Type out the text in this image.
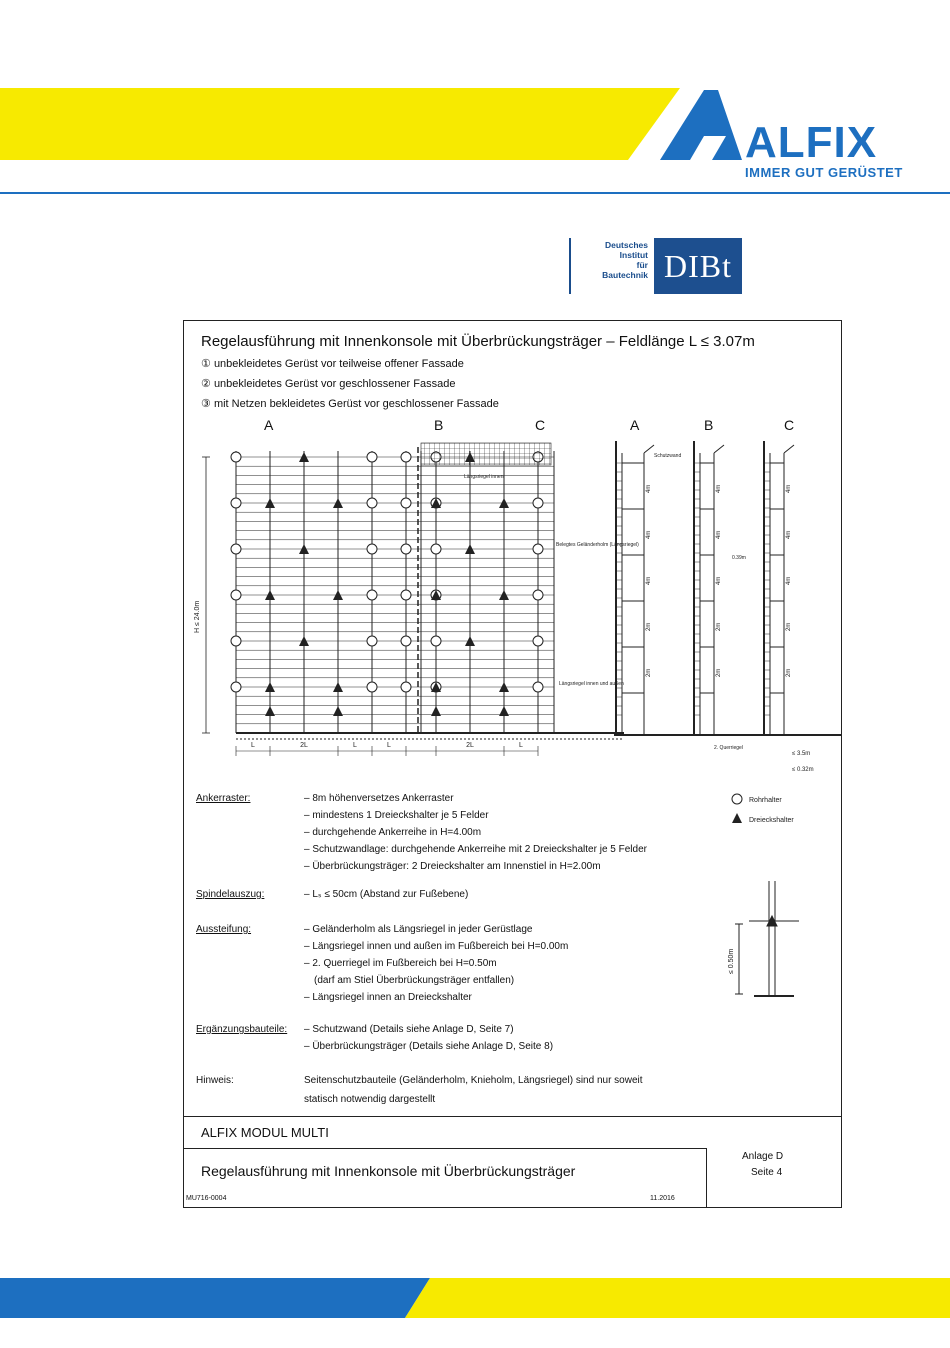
ALFIX
IMMER GUT GERÜSTET
Deutsches
Institut
für
Bautechnik DIBt
Regelausführung mit Innenkonsole mit Überbrückungsträger – Feldlänge L ≤ 3.07m
① unbekleidetes Gerüst vor teilweise offener Fassade
② unbekleidetes Gerüst vor geschlossener Fassade
③ mit Netzen bekleidetes Gerüst vor geschlossener Fassade
A	B	C	A	B	C
H ≤ 24.0m
L	2L	L	L	2L	L
Längsriegel innen
Belegtes Geländerholm (Längsriegel)
Längsriegel innen und außen
4m
4m
4m
2m
2m
4m
4m
4m
2m
2m
4m
4m
4m
2m
2m
Schutzwand
0.39m
2. Querriegel
≤ 3.5m
≤ 0.32m
Rohrhalter
Dreieckshalter
Ankerraster:	– 8m höhenversetzes Ankerraster
– mindestens 1 Dreieckshalter je 5 Felder
– durchgehende Ankerreihe in H=4.00m
– Schutzwandlage: durchgehende Ankerreihe mit 2 Dreieckshalter je 5 Felder
– Überbrückungsträger: 2 Dreieckshalter am Innenstiel in H=2.00m
Spindelauszug:	– Lₛ ≤ 50cm (Abstand zur Fußebene)
Aussteifung:	– Geländerholm als Längsriegel in jeder Gerüstlage
– Längsriegel innen und außen im Fußbereich bei H=0.00m
– 2. Querriegel im Fußbereich bei H=0.50m
(darf am Stiel Überbrückungsträger entfallen)
– Längsriegel innen an Dreieckshalter
Ergänzungsbauteile: – Schutzwand (Details siehe Anlage D, Seite 7)
– Überbrückungsträger (Details siehe Anlage D, Seite 8)
Hinweis:	Seitenschutzbauteile (Geländerholm, Knieholm, Längsriegel) sind nur soweit
statisch notwendig dargestellt
≤ 0.50m
ALFIX MODUL MULTI
Regelausführung mit Innenkonsole mit Überbrückungsträger
Anlage D
Seite 4
MU716-0004	11.2016
